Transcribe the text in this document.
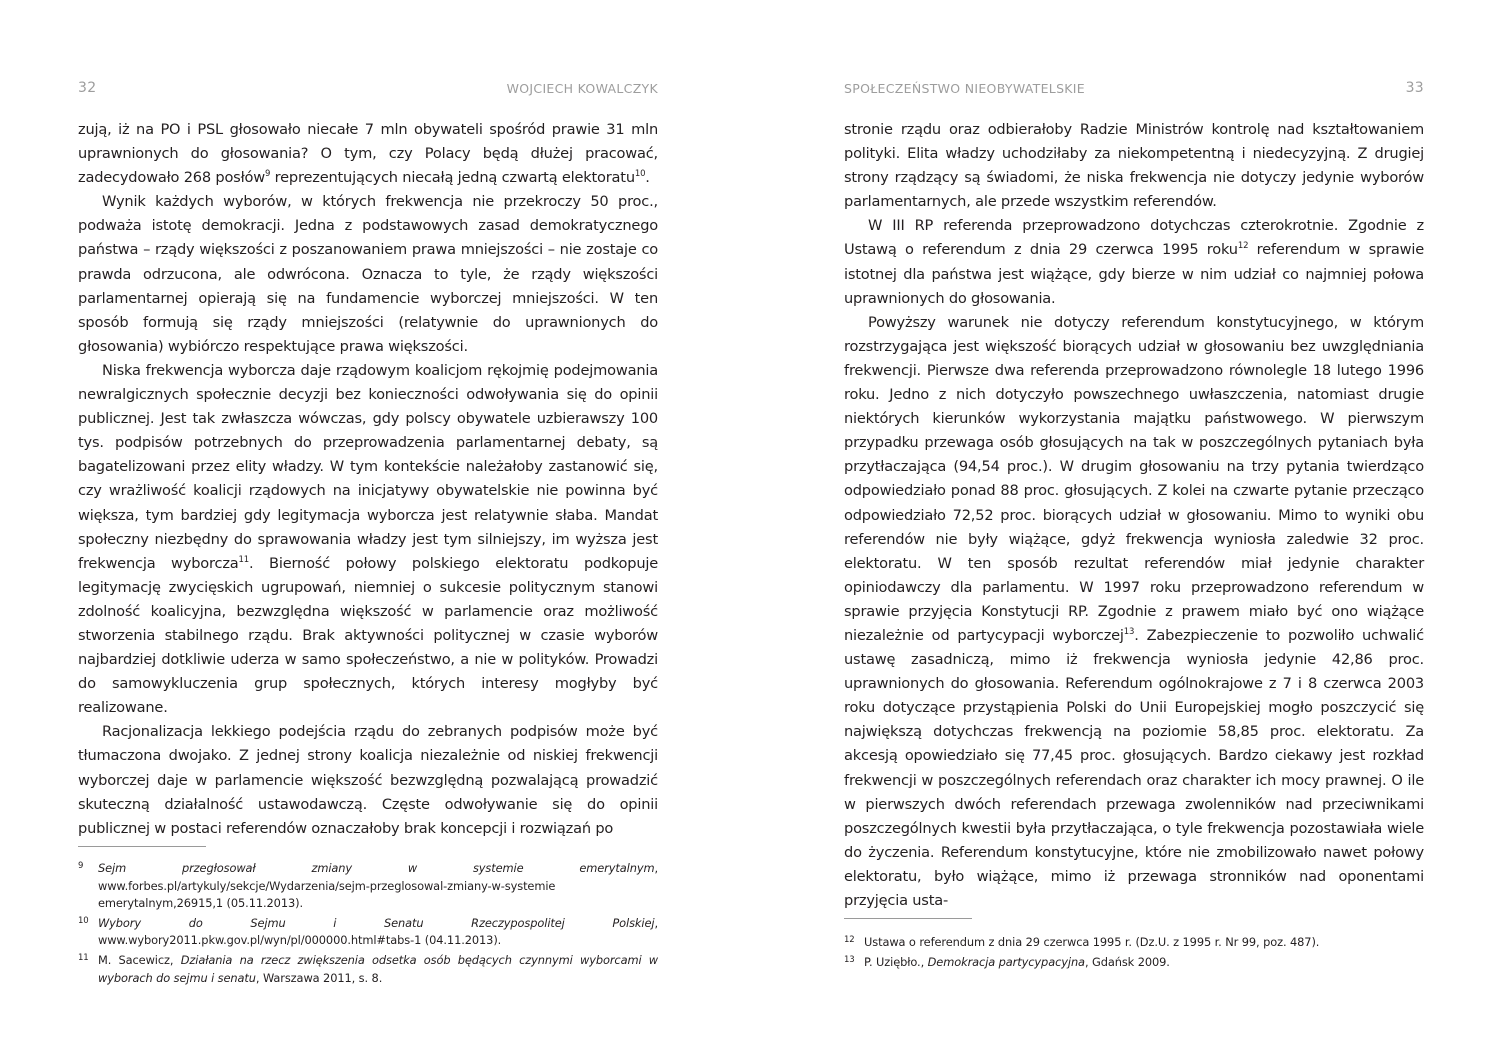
32	WOJCIECH KOWALCZYK

zują, iż na PO i PSL głosowało niecałe 7 mln obywateli spośród prawie 31 mln uprawnionych do głosowania? O tym, czy Polacy będą dłużej pracować, zadecydowało 268 posłów$^9$ reprezentujących niecałą jedną czwartą elektoratu$^{10}$.

Wynik każdych wyborów, w których frekwencja nie przekroczy 50 proc., podważa istotę demokracji. Jedna z podstawowych zasad demokratycznego państwa – rządy większości z poszanowaniem prawa mniejszości – nie zostaje co prawda odrzucona, ale odwrócona. Oznacza to tyle, że rządy większości parlamentarnej opierają się na fundamencie wyborczej mniejszości. W ten sposób formują się rządy mniejszości (relatywnie do uprawnionych do głosowania) wybiórczo respektujące prawa większości.

Niska frekwencja wyborcza daje rządowym koalicjom rękojmię podejmowania newralgicznych społecznie decyzji bez konieczności odwoływania się do opinii publicznej. Jest tak zwłaszcza wówczas, gdy polscy obywatele uzbierawszy 100 tys. podpisów potrzebnych do przeprowadzenia parlamentarnej debaty, są bagatelizowani przez elity władzy. W tym kontekście należałoby zastanowić się, czy wrażliwość koalicji rządowych na inicjatywy obywatelskie nie powinna być większa, tym bardziej gdy legitymacja wyborcza jest relatywnie słaba. Mandat społeczny niezbędny do sprawowania władzy jest tym silniejszy, im wyższa jest frekwencja wyborcza$^{11}$. Bierność połowy polskiego elektoratu podkopuje legitymację zwycięskich ugrupowań, niemniej o sukcesie politycznym stanowi zdolność koalicyjna, bezwzględna większość w parlamencie oraz możliwość stworzenia stabilnego rządu. Brak aktywności politycznej w czasie wyborów najbardziej dotkliwie uderza w samo społeczeństwo, a nie w polityków. Prowadzi do samowykluczenia grup społecznych, których interesy mogłyby być realizowane.

Racjonalizacja lekkiego podejścia rządu do zebranych podpisów może być tłumaczona dwojako. Z jednej strony koalicja niezależnie od niskiej frekwencji wyborczej daje w parlamencie większość bezwzględną pozwalającą prowadzić skuteczną działalność ustawodawczą. Częste odwoływanie się do opinii publicznej w postaci referendów oznaczałoby brak koncepcji i rozwiązań po

9 Sejm przegłosował zmiany w systemie emerytalnym, www.forbes.pl/artykuly/sekcje/Wydarzenia/sejm-przeglosowal-zmiany-w-systemie emerytalnym,26915,1 (05.11.2013).
10 Wybory do Sejmu i Senatu Rzeczypospolitej Polskiej, www.wybory2011.pkw.gov.pl/wyn/pl/000000.html#tabs-1 (04.11.2013).
11 M. Sacewicz, Działania na rzecz zwiększenia odsetka osób będących czynnymi wyborcami w wyborach do sejmu i senatu, Warszawa 2011, s. 8.
SPOŁECZEŃSTWO NIEOBYWATELSKIE	33

stronie rządu oraz odbierałoby Radzie Ministrów kontrolę nad kształtowaniem polityki. Elita władzy uchodziłaby za niekompetentną i niedecyzyjną. Z drugiej strony rządzący są świadomi, że niska frekwencja nie dotyczy jedynie wyborów parlamentarnych, ale przede wszystkim referendów.

W III RP referenda przeprowadzono dotychczas czterokrotnie. Zgodnie z Ustawą o referendum z dnia 29 czerwca 1995 roku$^{12}$ referendum w sprawie istotnej dla państwa jest wiążące, gdy bierze w nim udział co najmniej połowa uprawnionych do głosowania.

Powyższy warunek nie dotyczy referendum konstytucyjnego, w którym rozstrzygająca jest większość biorących udział w głosowaniu bez uwzględniania frekwencji. Pierwsze dwa referenda przeprowadzono równolegle 18 lutego 1996 roku. Jedno z nich dotyczyło powszechnego uwłaszczenia, natomiast drugie niektórych kierunków wykorzystania majątku państwowego. W pierwszym przypadku przewaga osób głosujących na tak w poszczególnych pytaniach była przytłaczająca (94,54 proc.). W drugim głosowaniu na trzy pytania twierdząco odpowiedziało ponad 88 proc. głosujących. Z kolei na czwarte pytanie przecząco odpowiedziało 72,52 proc. biorących udział w głosowaniu. Mimo to wyniki obu referendów nie były wiążące, gdyż frekwencja wyniosła zaledwie 32 proc. elektoratu. W ten sposób rezultat referendów miał jedynie charakter opiniodawczy dla parlamentu. W 1997 roku przeprowadzono referendum w sprawie przyjęcia Konstytucji RP. Zgodnie z prawem miało być ono wiążące niezależnie od partycypacji wyborczej$^{13}$. Zabezpieczenie to pozwoliło uchwalić ustawę zasadniczą, mimo iż frekwencja wyniosła jedynie 42,86 proc. uprawnionych do głosowania. Referendum ogólnokrajowe z 7 i 8 czerwca 2003 roku dotyczące przystąpienia Polski do Unii Europejskiej mogło poszczycić się największą dotychczas frekwencją na poziomie 58,85 proc. elektoratu. Za akcesją opowiedziało się 77,45 proc. głosujących. Bardzo ciekawy jest rozkład frekwencji w poszczególnych referendach oraz charakter ich mocy prawnej. O ile w pierwszych dwóch referendach przewaga zwolenników nad przeciwnikami poszczególnych kwestii była przytłaczająca, o tyle frekwencja pozostawiała wiele do życzenia. Referendum konstytucyjne, które nie zmobilizowało nawet połowy elektoratu, było wiążące, mimo iż przewaga stronników nad oponentami przyjęcia usta-

12 Ustawa o referendum z dnia 29 czerwca 1995 r. (Dz.U. z 1995 r. Nr 99, poz. 487).
13 P. Uziębło., Demokracja partycypacyjna, Gdańsk 2009.
